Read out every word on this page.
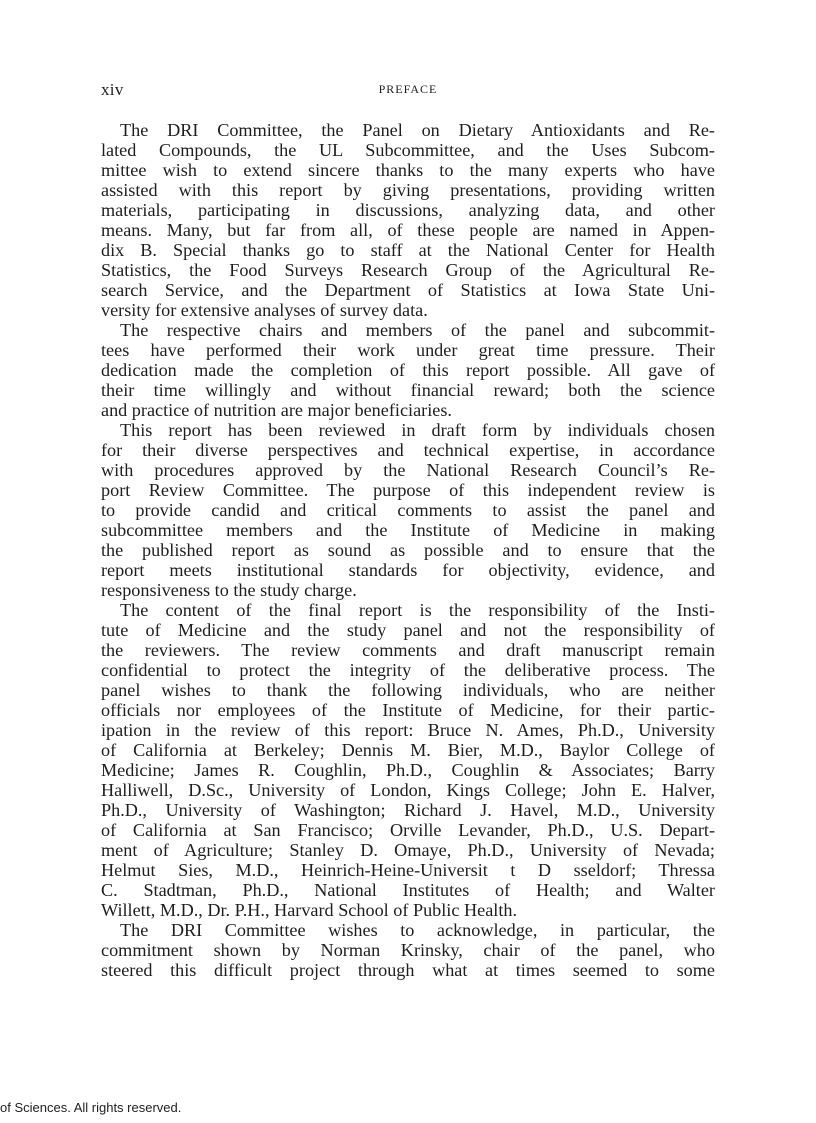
xiv	PREFACE
The DRI Committee, the Panel on Dietary Antioxidants and Re-
lated Compounds, the UL Subcommittee, and the Uses Subcom-
mittee wish to extend sincere thanks to the many experts who have
assisted with this report by giving presentations, providing written
materials, participating in discussions, analyzing data, and other
means. Many, but far from all, of these people are named in Appen-
dix B. Special thanks go to staff at the National Center for Health
Statistics, the Food Surveys Research Group of the Agricultural Re-
search Service, and the Department of Statistics at Iowa State Uni-
versity for extensive analyses of survey data.
The respective chairs and members of the panel and subcommit-
tees have performed their work under great time pressure. Their
dedication made the completion of this report possible. All gave of
their time willingly and without financial reward; both the science
and practice of nutrition are major beneficiaries.
This report has been reviewed in draft form by individuals chosen
for their diverse perspectives and technical expertise, in accordance
with procedures approved by the National Research Council’s Re-
port Review Committee. The purpose of this independent review is
to provide candid and critical comments to assist the panel and
subcommittee members and the Institute of Medicine in making
the published report as sound as possible and to ensure that the
report meets institutional standards for objectivity, evidence, and
responsiveness to the study charge.
The content of the final report is the responsibility of the Insti-
tute of Medicine and the study panel and not the responsibility of
the reviewers. The review comments and draft manuscript remain
confidential to protect the integrity of the deliberative process. The
panel wishes to thank the following individuals, who are neither
officials nor employees of the Institute of Medicine, for their partic-
ipation in the review of this report: Bruce N. Ames, Ph.D., University
of California at Berkeley; Dennis M. Bier, M.D., Baylor College of
Medicine; James R. Coughlin, Ph.D., Coughlin & Associates; Barry
Halliwell, D.Sc., University of London, Kings College; John E. Halver,
Ph.D., University of Washington; Richard J. Havel, M.D., University
of California at San Francisco; Orville Levander, Ph.D., U.S. Depart-
ment of Agriculture; Stanley D. Omaye, Ph.D., University of Nevada;
Helmut Sies, M.D., Heinrich-Heine-Universit t D sseldorf; Thressa
C. Stadtman, Ph.D., National Institutes of Health; and Walter
Willett, M.D., Dr. P.H., Harvard School of Public Health.
The DRI Committee wishes to acknowledge, in particular, the
commitment shown by Norman Krinsky, chair of the panel, who
steered this difficult project through what at times seemed to some
of Sciences. All rights reserved.
